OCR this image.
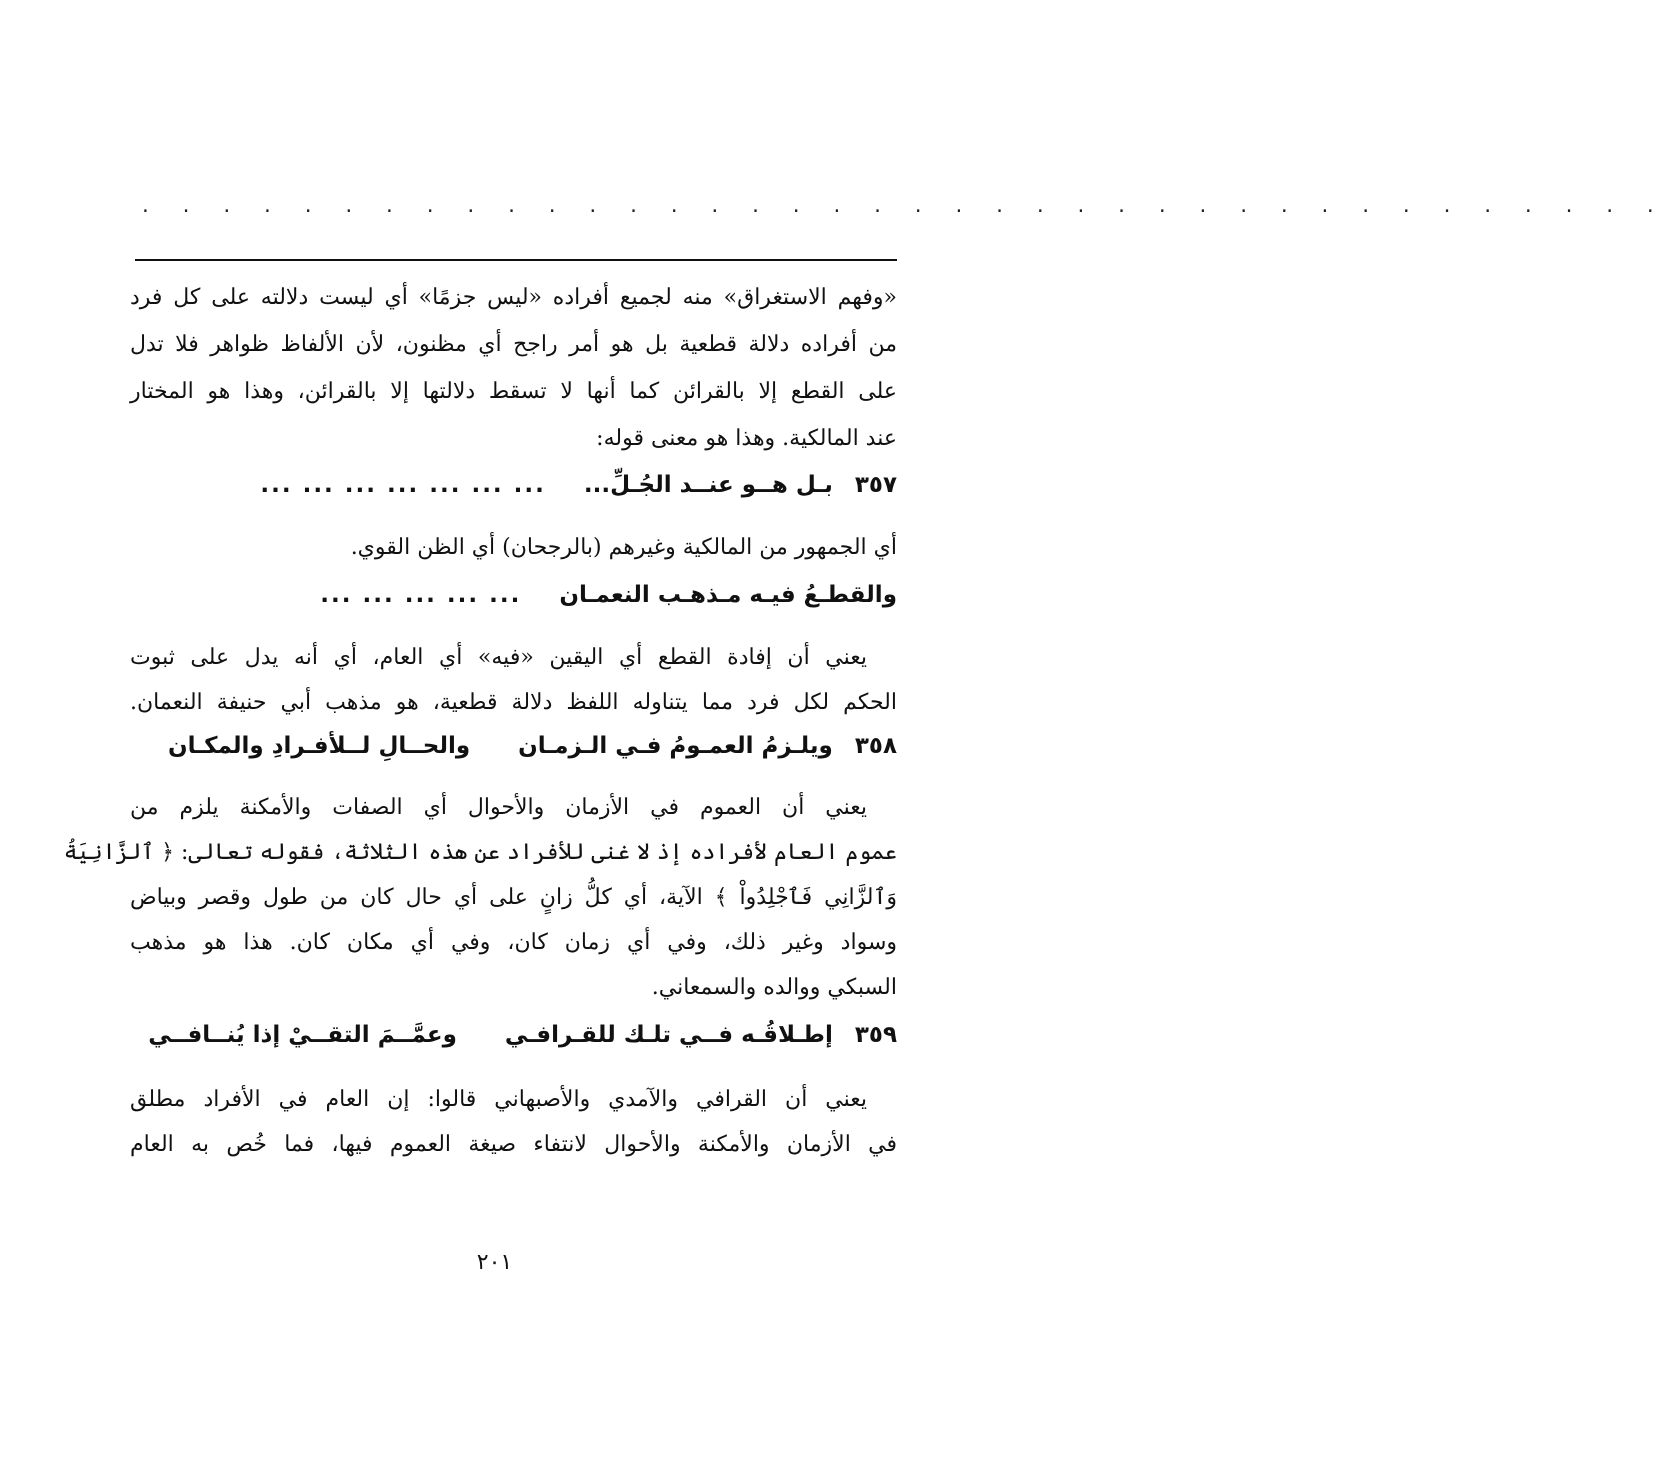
. . . . . . . . . . . . . . . . . . . . . . . . . . . . . . . . . . . . . .
«وفهم الاستغراق» منه لجميع أفراده «ليس جزمًا» أي ليست دلالته على كل فرد
من أفراده دلالة قطعية بل هو أمر راجح أي مظنون، لأن الألفاظ ظواهر فلا تدل
على القطع إلا بالقرائن كما أنها لا تسقط دلالتها إلا بالقرائن، وهذا هو المختار
عند المالكية. وهذا هو معنى قوله:
٣٥٧ بـل هــو عنــد الجُـلِّ... ... ... ... ... ... ... ...
أي الجمهور من المالكية وغيرهم (بالرجحان) أي الظن القوي.
والقطـعُ فيـه مـذهـب النعمـان ... ... ... ... ...
يعني أن إفادة القطع أي اليقين «فيه» أي العام، أي أنه يدل على ثبوت
الحكم لكل فرد مما يتناوله اللفظ دلالة قطعية، هو مذهب أبي حنيفة النعمان.
٣٥٨ ويلـزمُ العمـومُ فـي الـزمـان والحــالِ لــلأفـرادِ والمكـان
يعني أن العموم في الأزمان والأحوال أي الصفات والأمكنة يلزم من
عموم العام لأفراده إذ لا غنى للأفراد عن هذه الثلاثة، فقوله تعالى: ﴿ ٱلزَّانِيَةُ
وَٱلزَّانِي فَٱجْلِدُواْ ﴾ الآية، أي كلُّ زانٍ على أي حال كان من طول وقصر وبياض
وسواد وغير ذلك، وفي أي زمان كان، وفي أي مكان كان. هذا هو مذهب
السبكي ووالده والسمعاني.
٣٥٩ إطـلاقُـه فــي تلـك للقـرافـي وعمَّــمَ التقــيْ إذا يُنــافــي
يعني أن القرافي والآمدي والأصبهاني قالوا: إن العام في الأفراد مطلق
في الأزمان والأمكنة والأحوال لانتفاء صيغة العموم فيها، فما خُص به العام
٢٠١
